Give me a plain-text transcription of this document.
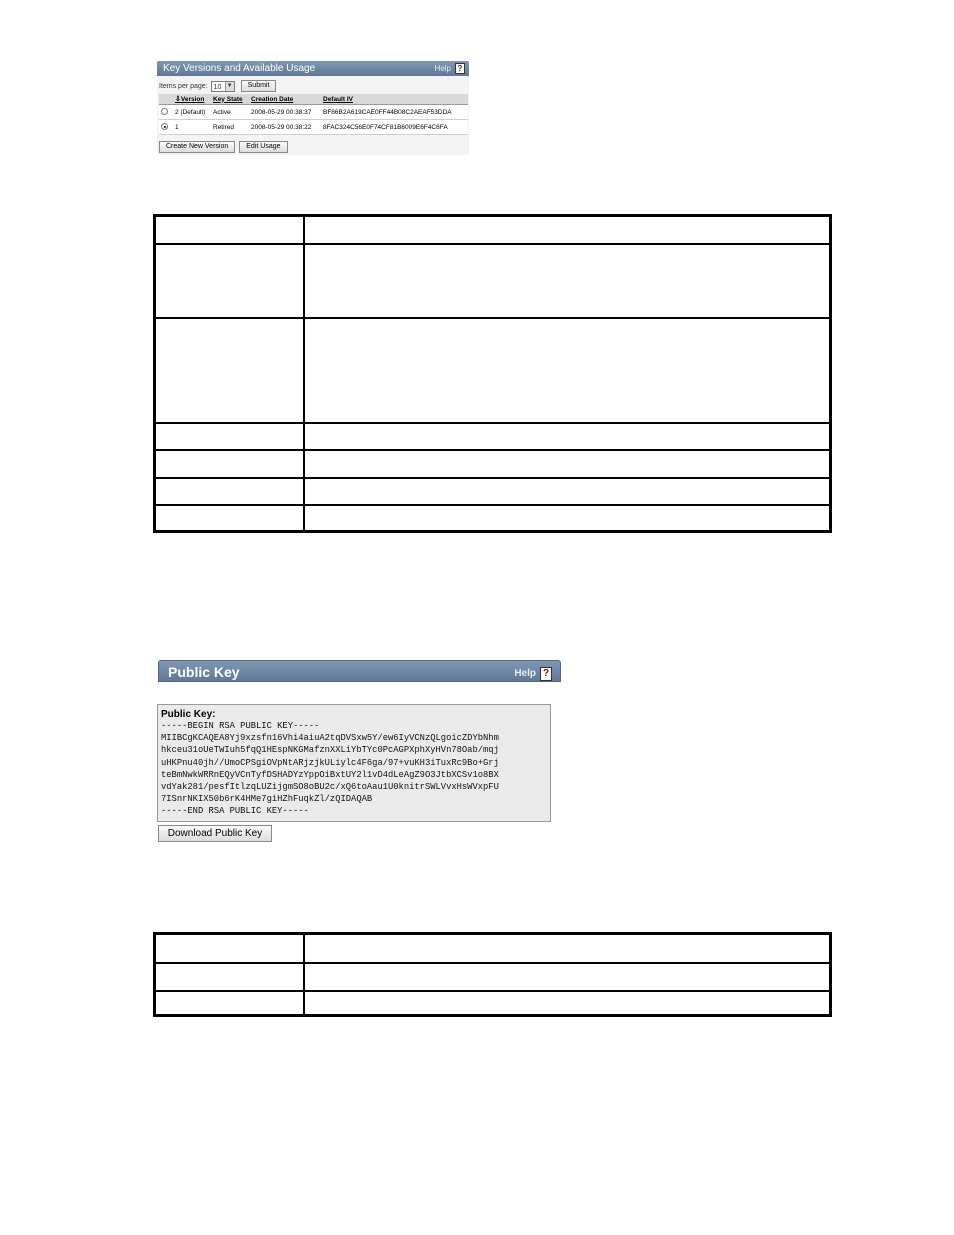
Key Versions and Available Usage	Help ?
Items per page: 10 ▼	Submit
	⇩Version	Key State	Creation Date	Default IV
	2 (Default)	Active	2008-05-29 00:38:37	BF86B2A619CAE0FF44B08C2AEAF53DDA
	1	Retired	2008-05-29 00:38:22	8FAC324C56E0F74CF81B6009E6F4C6FA
Create New Version	Edit Usage
Public Key	Help ?
Public Key:
-----BEGIN RSA PUBLIC KEY-----
MIIBCgKCAQEA8Yj9xzsfn16Vhi4aiuA2tqDVSxw5Y/ew6IyVCNzQLgoicZDYbNhm
hkceu31oUeTWIuh5fqQ1HEspNKGMafznXXLiYbTYc0PcAGPXphXyHVn78Oab/mqj
uHKPnu40jh//UmoCPSgiOVpNtARjzjkULiylc4F6ga/97+vuKH3iTuxRc9Bo+Grj
teBmNwkWRRnEQyVCnTyfDSHADYzYppOiBxtUY2l1vD4dLeAgZ9O3JtbXCSv1o8BX
vdYak281/pesfItlzqLUZijgmSO8oBU2c/xQ6toAau1U0knitrSWLVvxHsWVxpFU
7ISnrNKIX50b6rK4HMe7giHZhFuqkZl/zQIDAQAB
-----END RSA PUBLIC KEY-----
Download Public Key
